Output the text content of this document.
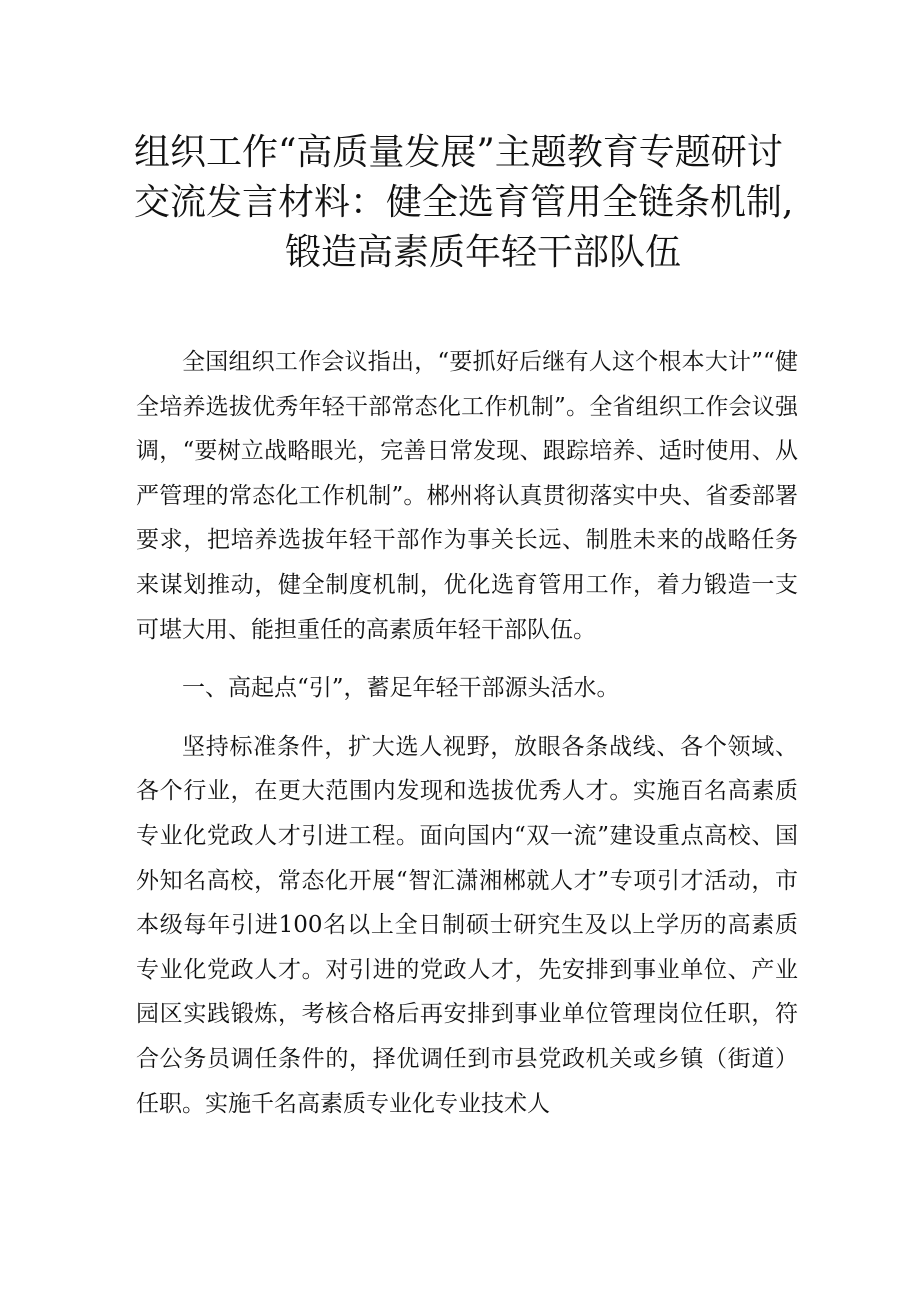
组织工作“高质量发展”主题教育专题研讨
交流发言材料：健全选育管用全链条机制,
锻造高素质年轻干部队伍

全国组织工作会议指出，“要抓好后继有人这个根本大计”“健全培养选拔优秀年轻干部常态化工作机制”。全省组织工作会议强调，“要树立战略眼光，完善日常发现、跟踪培养、适时使用、从严管理的常态化工作机制”。郴州将认真贯彻落实中央、省委部署要求，把培养选拔年轻干部作为事关长远、制胜未来的战略任务来谋划推动，健全制度机制，优化选育管用工作，着力锻造一支可堪大用、能担重任的高素质年轻干部队伍。

一、高起点“引”，蓄足年轻干部源头活水。

坚持标准条件，扩大选人视野，放眼各条战线、各个领域、各个行业，在更大范围内发现和选拔优秀人才。实施百名高素质专业化党政人才引进工程。面向国内“双一流”建设重点高校、国外知名高校，常态化开展“智汇潇湘郴就人才”专项引才活动，市本级每年引进100名以上全日制硕士研究生及以上学历的高素质专业化党政人才。对引进的党政人才，先安排到事业单位、产业园区实践锻炼，考核合格后再安排到事业单位管理岗位任职，符合公务员调任条件的，择优调任到市县党政机关或乡镇（街道）任职。实施千名高素质专业化专业技术人
